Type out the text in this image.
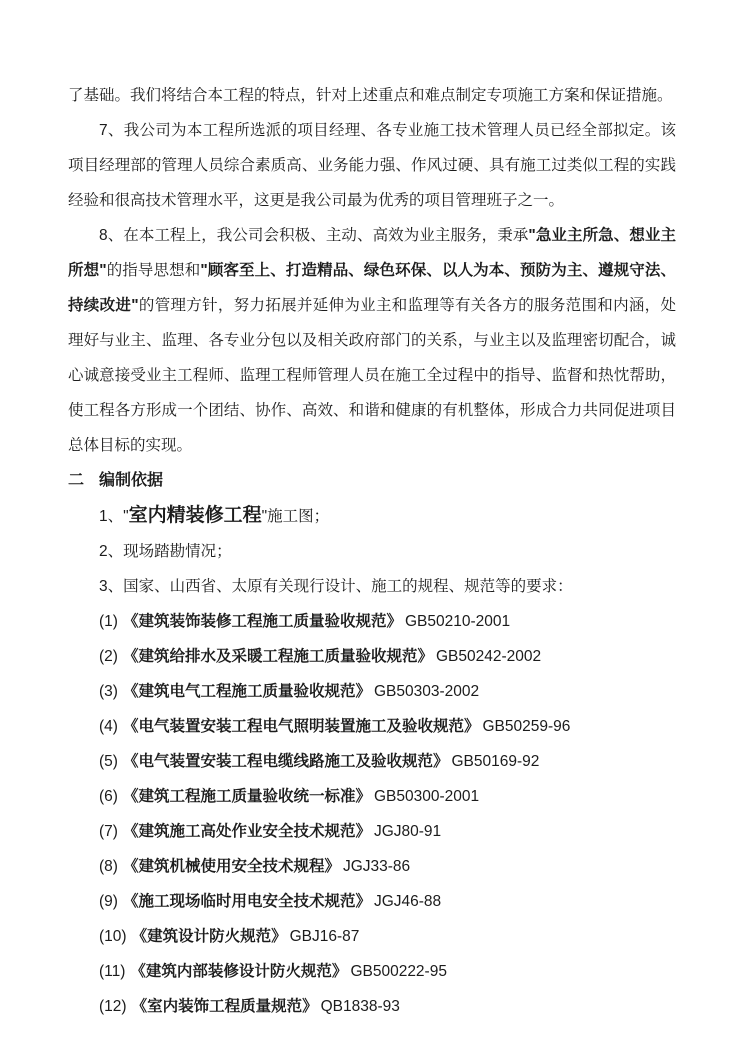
了基础。我们将结合本工程的特点，针对上述重点和难点制定专项施工方案和保证措施。

7、我公司为本工程所选派的项目经理、各专业施工技术管理人员已经全部拟定。该项目经理部的管理人员综合素质高、业务能力强、作风过硬、具有施工过类似工程的实践经验和很高技术管理水平，这更是我公司最为优秀的项目管理班子之一。

8、在本工程上，我公司会积极、主动、高效为业主服务，秉承"急业主所急、想业主所想"的指导思想和"顾客至上、打造精品、绿色环保、以人为本、预防为主、遵规守法、持续改进"的管理方针，努力拓展并延伸为业主和监理等有关各方的服务范围和内涵，处理好与业主、监理、各专业分包以及相关政府部门的关系，与业主以及监理密切配合，诚心诚意接受业主工程师、监理工程师管理人员在施工全过程中的指导、监督和热忱帮助，使工程各方形成一个团结、协作、高效、和谐和健康的有机整体，形成合力共同促进项目总体目标的实现。

二 编制依据

1、"室内精装修工程"施工图；

2、现场踏勘情况；

3、国家、山西省、太原有关现行设计、施工的规程、规范等的要求：

(1) 《建筑装饰装修工程施工质量验收规范》 GB50210-2001

(2) 《建筑给排水及采暖工程施工质量验收规范》 GB50242-2002

(3) 《建筑电气工程施工质量验收规范》 GB50303-2002

(4) 《电气装置安装工程电气照明装置施工及验收规范》 GB50259-96

(5) 《电气装置安装工程电缆线路施工及验收规范》 GB50169-92

(6) 《建筑工程施工质量验收统一标准》 GB50300-2001

(7) 《建筑施工高处作业安全技术规范》 JGJ80-91

(8) 《建筑机械使用安全技术规程》 JGJ33-86

(9) 《施工现场临时用电安全技术规范》 JGJ46-88

(10) 《建筑设计防火规范》 GBJ16-87

(11) 《建筑内部装修设计防火规范》 GB500222-95

(12) 《室内装饰工程质量规范》 QB1838-93
